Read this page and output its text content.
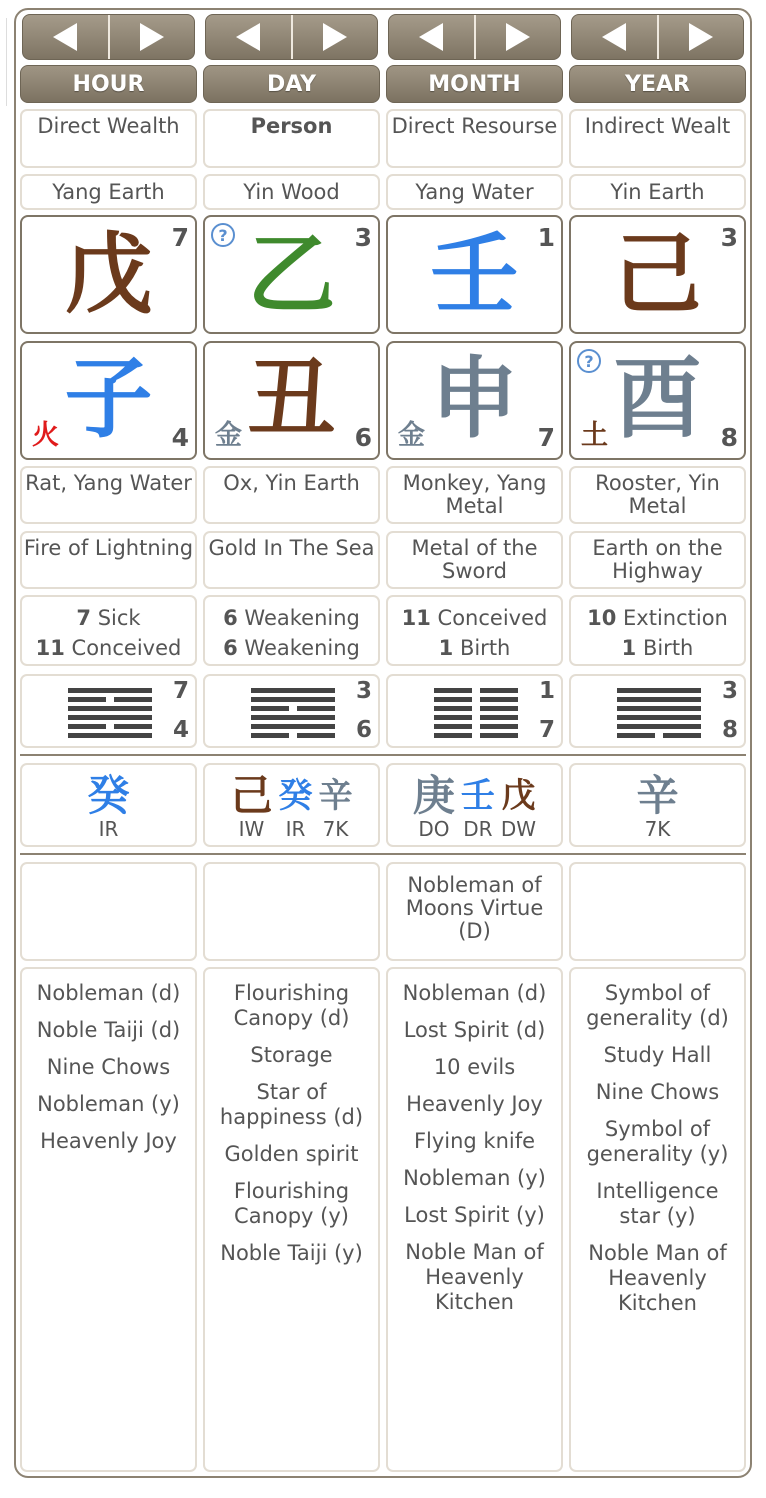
HOUR
Direct Wealth
Yang Earth
戊 7
子 4
火
Rat, Yang Water
Fire of Lightning
7 Sick
11 Conceived
7
4
癸
IR
Nobleman (d)
Noble Taiji (d)
Nine Chows
Nobleman (y)
Heavenly Joy
DAY
Person
Yin Wood
乙 3
?
丑 6
金
Ox, Yin Earth
Gold In The Sea
6 Weakening
6 Weakening
3
6
己
IW
癸
IR
辛
7K
Flourishing Canopy (d)
Storage
Star of happiness (d)
Golden spirit
Flourishing Canopy (y)
Noble Taiji (y)
MONTH
Direct Resourse
Yang Water
壬 1
申 7
金
Monkey, Yang Metal
Metal of the Sword
11 Conceived
1 Birth
1
7
庚
DO
壬
DR
戊
DW
Nobleman of Moons Virtue (D)
Nobleman (d)
Lost Spirit (d)
10 evils
Heavenly Joy
Flying knife
Nobleman (y)
Lost Spirit (y)
Noble Man of Heavenly Kitchen
YEAR
Indirect Wealt
Yin Earth
己 3
酉 8
土
?
Rooster, Yin Metal
Earth on the Highway
10 Extinction
1 Birth
3
8
辛
7K
Symbol of generality (d)
Study Hall
Nine Chows
Symbol of generality (y)
Intelligence star (y)
Noble Man of Heavenly Kitchen
